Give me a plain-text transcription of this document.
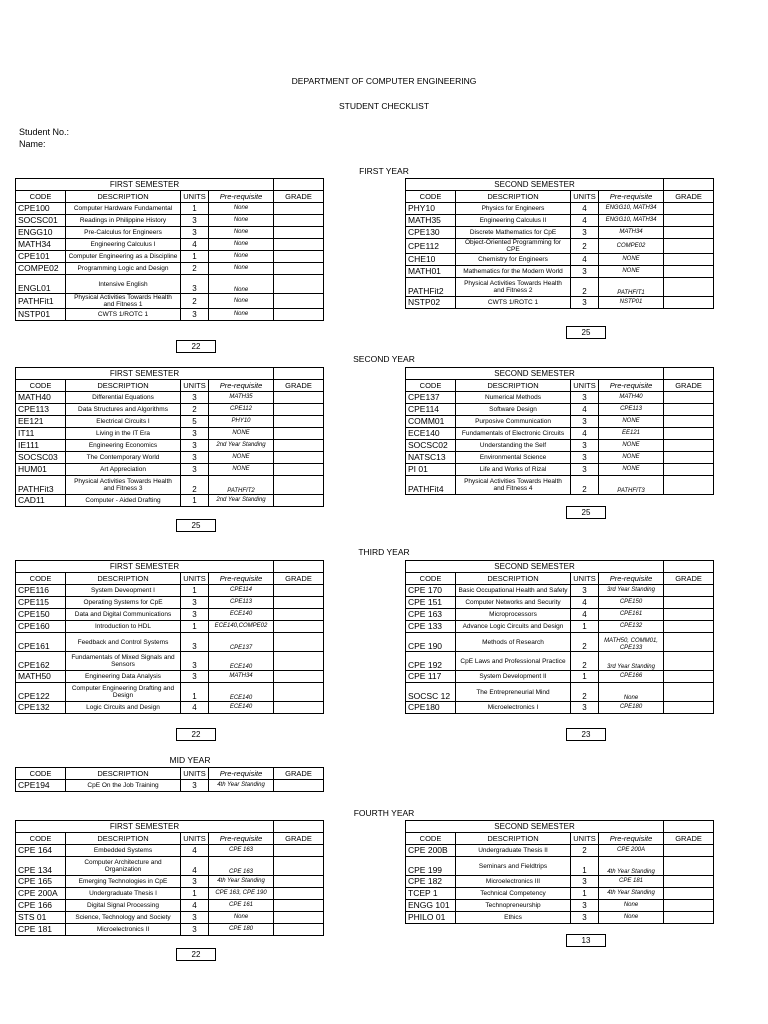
DEPARTMENT OF COMPUTER ENGINEERING
STUDENT CHECKLIST
Student No.:
Name:
FIRST YEAR
FIRST SEMESTER				
CODE	DESCRIPTION	UNITS	Pre-requisite	GRADE
CPE100	Computer Hardware Fundamental	1	None	
SOCSC01	Readings in Philippine History	3	None	
ENGG10	Pre-Calculus for Engineers	3	None	
MATH34	Engineering Calculus I	4	None	
CPE101	Computer Engineering as a Discipline	1	None	
COMPE02	Programming Logic and Design	2	None	
ENGL01	Intensive English	3	None	
PATHFit1	Physical Activities Towards Health and Fitness 1	2	None	
NSTP01	CWTS 1/ROTC 1	3	None	
SECOND SEMESTER				
CODE	DESCRIPTION	UNITS	Pre-requisite	GRADE
PHY10	Physics for Engineers	4	ENGG10, MATH34	
MATH35	Engineering Calculus II	4	ENGG10, MATH34	
CPE130	Discrete Mathematics for CpE	3	MATH34	
CPE112	Object-Oriented Programming for CPE	2	COMPE02	
CHE10	Chemistry for Engineers	4	NONE	
MATH01	Mathematics for the Modern World	3	NONE	
PATHFit2	Physical Activities Towards Health and Fitness 2	2	PATHFIT1	
NSTP02	CWTS 1/ROTC 1	3	NSTP01	
22
25
SECOND YEAR
FIRST SEMESTER				
CODE	DESCRIPTION	UNITS	Pre-requisite	GRADE
MATH40	Differential Equations	3	MATH35	
CPE113	Data Structures and Algorithms	2	CPE112	
EE121	Electrical Circuits I	5	PHY10	
IT11	Living in the IT Era	3	NONE	
IE111	Engineering Economics	3	2nd Year Standing	
SOCSC03	The Contemporary World	3	NONE	
HUM01	Art Appreciation	3	NONE	
PATHFit3	Physical Activities Towards Health and Fitness 3	2	PATHFIT2	
CAD11	Computer - Aided Drafting	1	2nd Year Standing	
SECOND SEMESTER				
CODE	DESCRIPTION	UNITS	Pre-requisite	GRADE
CPE137	Numerical Methods	3	MATH40	
CPE114	Software Design	4	CPE113	
COMM01	Purposive Communication	3	NONE	
ECE140	Fundamentals of Electronic Circuits	4	EE121	
SOCSC02	Understanding the Self	3	NONE	
NATSC13	Environmental Science	3	NONE	
PI 01	Life and Works of Rizal	3	NONE	
PATHFit4	Physical Activities Towards Health and Fitness 4	2	PATHFIT3	
25
25
THIRD YEAR
FIRST SEMESTER				
CODE	DESCRIPTION	UNITS	Pre-requisite	GRADE
CPE116	System Deveopment I	1	CPE114	
CPE115	Operating Systems for CpE	3	CPE113	
CPE150	Data and Digital Communications	3	ECE140	
CPE160	Introduction to HDL	1	ECE140,COMPE02	
CPE161	Feedback and Control Systems	3	CPE137	
CPE162	Fundamentals of Mixed Signals and Sensors	3	ECE140	
MATH50	Engineering Data Analysis	3	MATH34	
CPE122	Computer Engineering Drafting and Design	1	ECE140	
CPE132	Logic Circuits and Design	4	ECE140	
SECOND SEMESTER				
CODE	DESCRIPTION	UNITS	Pre-requisite	GRADE
CPE 170	Basic Occupational Health and Safety	3	3rd Year Standing	
CPE 151	Computer Networks and Security	4	CPE150	
CPE 163	Microprocessors	4	CPE161	
CPE 133	Advance Logic Circuits and Design	1	CPE132	
CPE 190	Methods of Research	2	MATH50, COMM01, CPE133	
CPE 192	CpE Laws and Professional Practice	2	3rd Year Standing	
CPE 117	System Development II	1	CPE166	
SOCSC 12	The Entrepreneurial Mind	2	None	
CPE180	Microelectronics I	3	CPE180	
22	23
MID YEAR
CODE	DESCRIPTION	UNITS	Pre-requisite	GRADE
CPE194	CpE On the Job Training	3	4th Year Standing	
FOURTH YEAR
FIRST SEMESTER				
CODE	DESCRIPTION	UNITS	Pre-requisite	GRADE
CPE 164	Embedded Systems	4	CPE 163	
CPE 134	Computer Architecture and Organization	4	CPE 163	
CPE 165	Emerging Technologies in CpE	3	4th Year Standing	
CPE 200A	Undergraduate Thesis I	1	CPE 163, CPE 190	
CPE 166	Digital Signal Processing	4	CPE 161	
STS 01	Science, Technology and Society	3	None	
CPE 181	Microelectronics II	3	CPE 180	
SECOND SEMESTER				
CODE	DESCRIPTION	UNITS	Pre-requisite	GRADE
CPE 200B	Undergraduate Thesis II	2	CPE 200A	
CPE 199	Seminars and Fieldtrips	1	4th Year Standing	
CPE 182	Microelectronics III	3	CPE 181	
TCEP 1	Technical Competency	1	4th Year Standing	
ENGG 101	Technopreneurship	3	None	
PHILO 01	Ethics	3	None	
22
13
